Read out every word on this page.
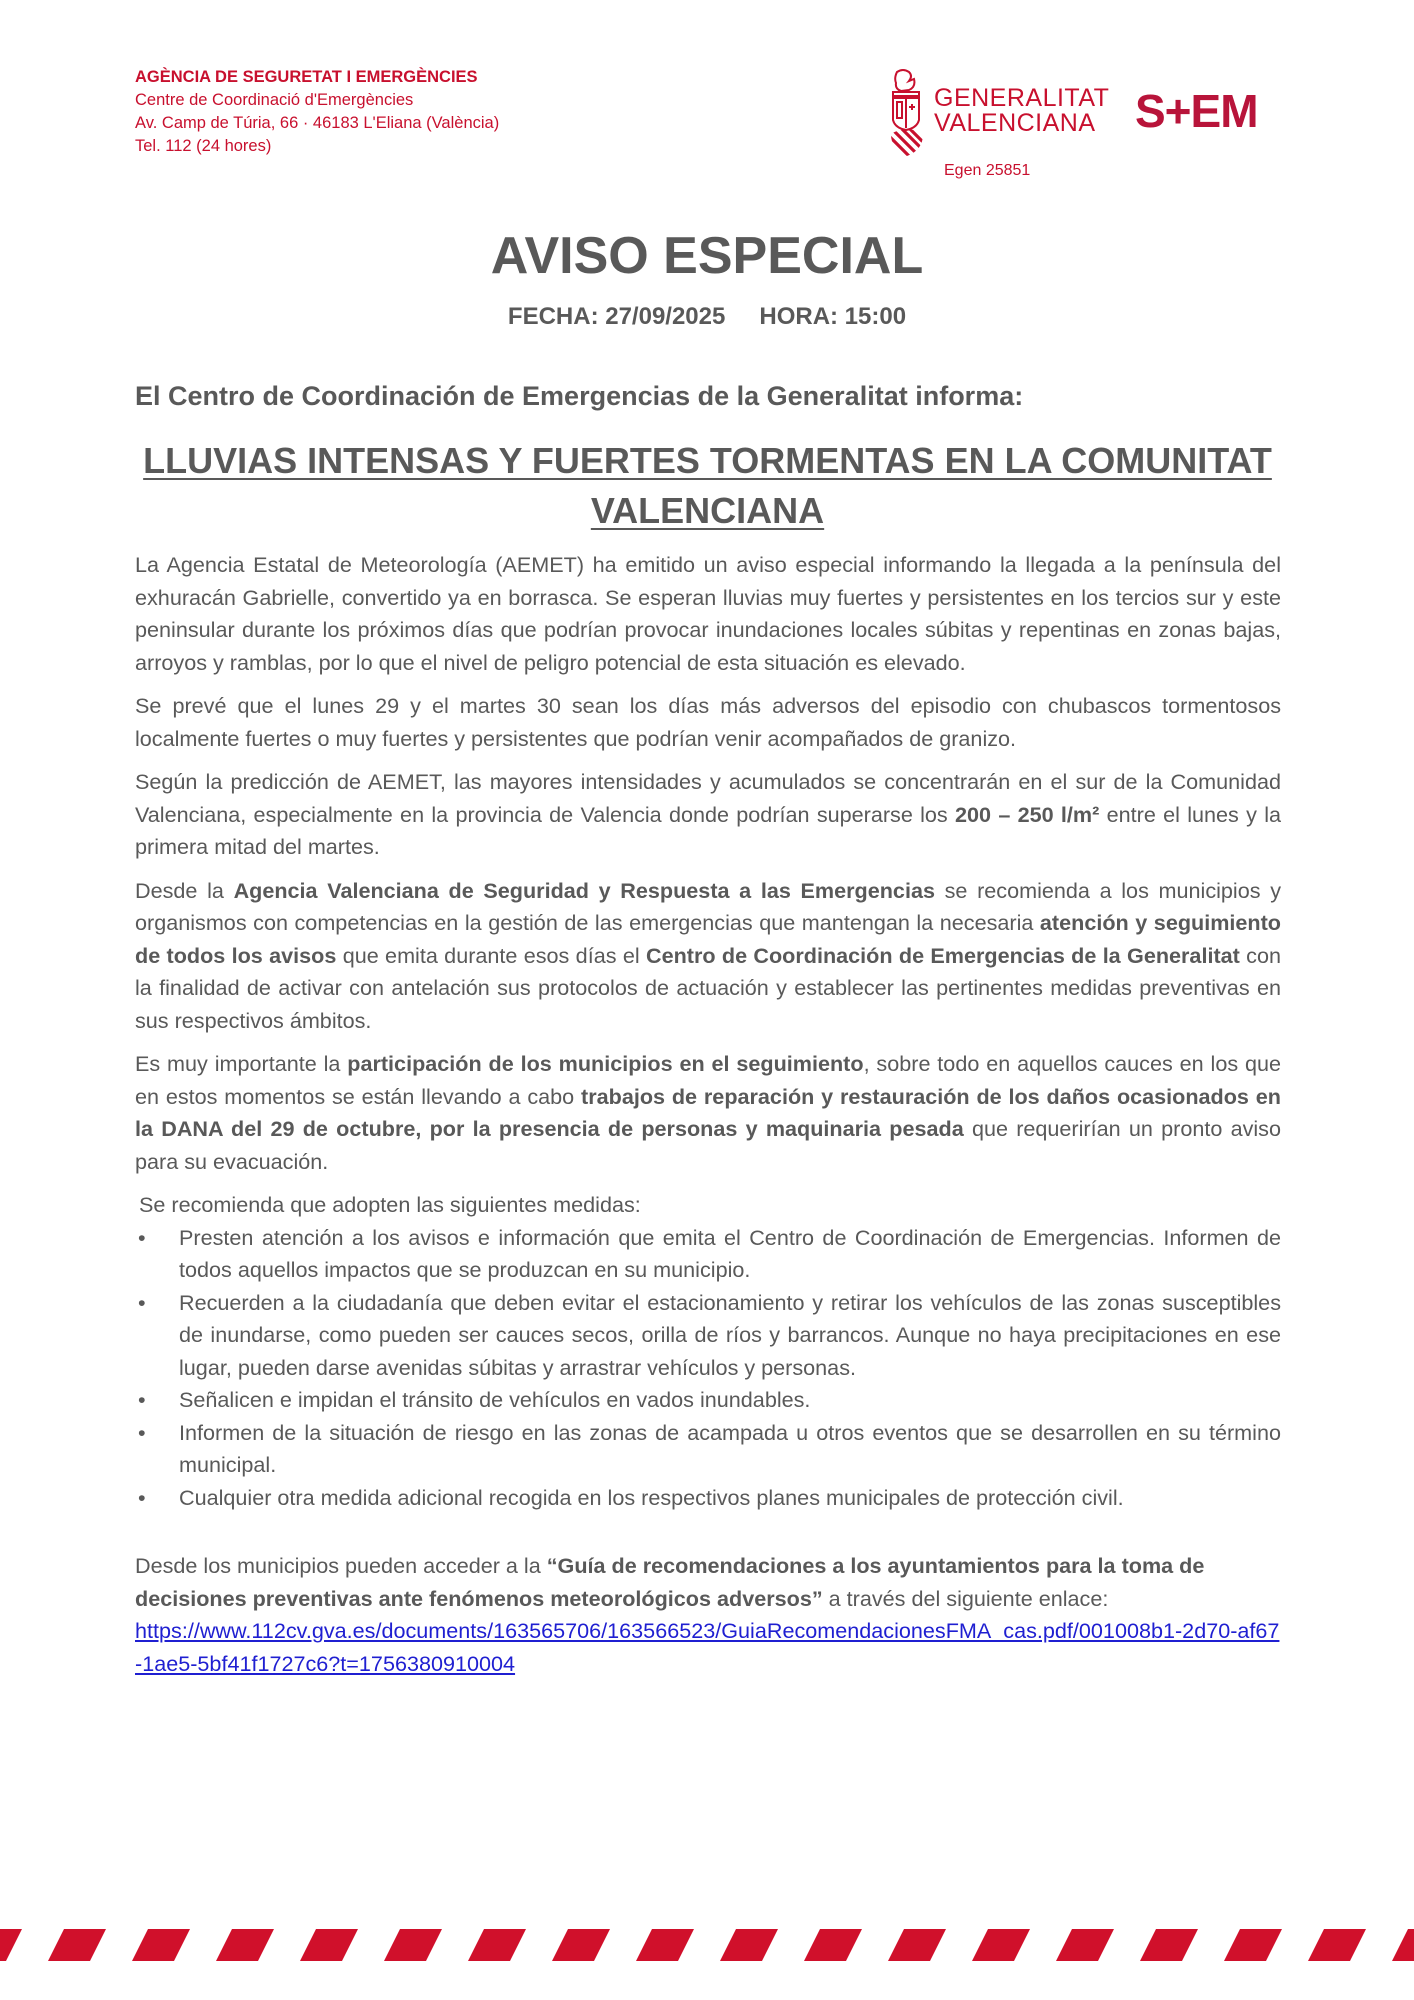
AGÈNCIA DE SEGURETAT I EMERGÈNCIES
Centre de Coordinació d'Emergències
Av. Camp de Túria, 66 · 46183 L'Eliana (València)
Tel. 112 (24 hores)
GENERALITAT
VALENCIANA S+EM
Egen 25851
AVISO ESPECIAL
FECHA: 27/09/2025 HORA: 15:00
El Centro de Coordinación de Emergencias de la Generalitat informa:
LLUVIAS INTENSAS Y FUERTES TORMENTAS EN LA COMUNITAT VALENCIANA

La Agencia Estatal de Meteorología (AEMET) ha emitido un aviso especial informando la llegada a la península del exhuracán Gabrielle, convertido ya en borrasca. Se esperan lluvias muy fuertes y persistentes en los tercios sur y este peninsular durante los próximos días que podrían provocar inundaciones locales súbitas y repentinas en zonas bajas, arroyos y ramblas, por lo que el nivel de peligro potencial de esta situación es elevado.

Se prevé que el lunes 29 y el martes 30 sean los días más adversos del episodio con chubascos tormentosos localmente fuertes o muy fuertes y persistentes que podrían venir acompañados de granizo.

Según la predicción de AEMET, las mayores intensidades y acumulados se concentrarán en el sur de la Comunidad Valenciana, especialmente en la provincia de Valencia donde podrían superarse los 200 – 250 l/m² entre el lunes y la primera mitad del martes.

Desde la Agencia Valenciana de Seguridad y Respuesta a las Emergencias se recomienda a los municipios y organismos con competencias en la gestión de las emergencias que mantengan la necesaria atención y seguimiento de todos los avisos que emita durante esos días el Centro de Coordinación de Emergencias de la Generalitat con la finalidad de activar con antelación sus protocolos de actuación y establecer las pertinentes medidas preventivas en sus respectivos ámbitos.

Es muy importante la participación de los municipios en el seguimiento, sobre todo en aquellos cauces en los que en estos momentos se están llevando a cabo trabajos de reparación y restauración de los daños ocasionados en la DANA del 29 de octubre, por la presencia de personas y maquinaria pesada que requerirían un pronto aviso para su evacuación.

Se recomienda que adopten las siguientes medidas:

• Presten atención a los avisos e información que emita el Centro de Coordinación de Emergencias. Informen de todos aquellos impactos que se produzcan en su municipio.
• Recuerden a la ciudadanía que deben evitar el estacionamiento y retirar los vehículos de las zonas susceptibles de inundarse, como pueden ser cauces secos, orilla de ríos y barrancos. Aunque no haya precipitaciones en ese lugar, pueden darse avenidas súbitas y arrastrar vehículos y personas.
• Señalicen e impidan el tránsito de vehículos en vados inundables.
• Informen de la situación de riesgo en las zonas de acampada u otros eventos que se desarrollen en su término municipal.
• Cualquier otra medida adicional recogida en los respectivos planes municipales de protección civil.

Desde los municipios pueden acceder a la “Guía de recomendaciones a los ayuntamientos para la toma de decisiones preventivas ante fenómenos meteorológicos adversos” a través del siguiente enlace:
https://www.112cv.gva.es/documents/163565706/163566523/GuiaRecomendacionesFMA_cas.pdf/001008b1-2d70-af67-1ae5-5bf41f1727c6?t=1756380910004
